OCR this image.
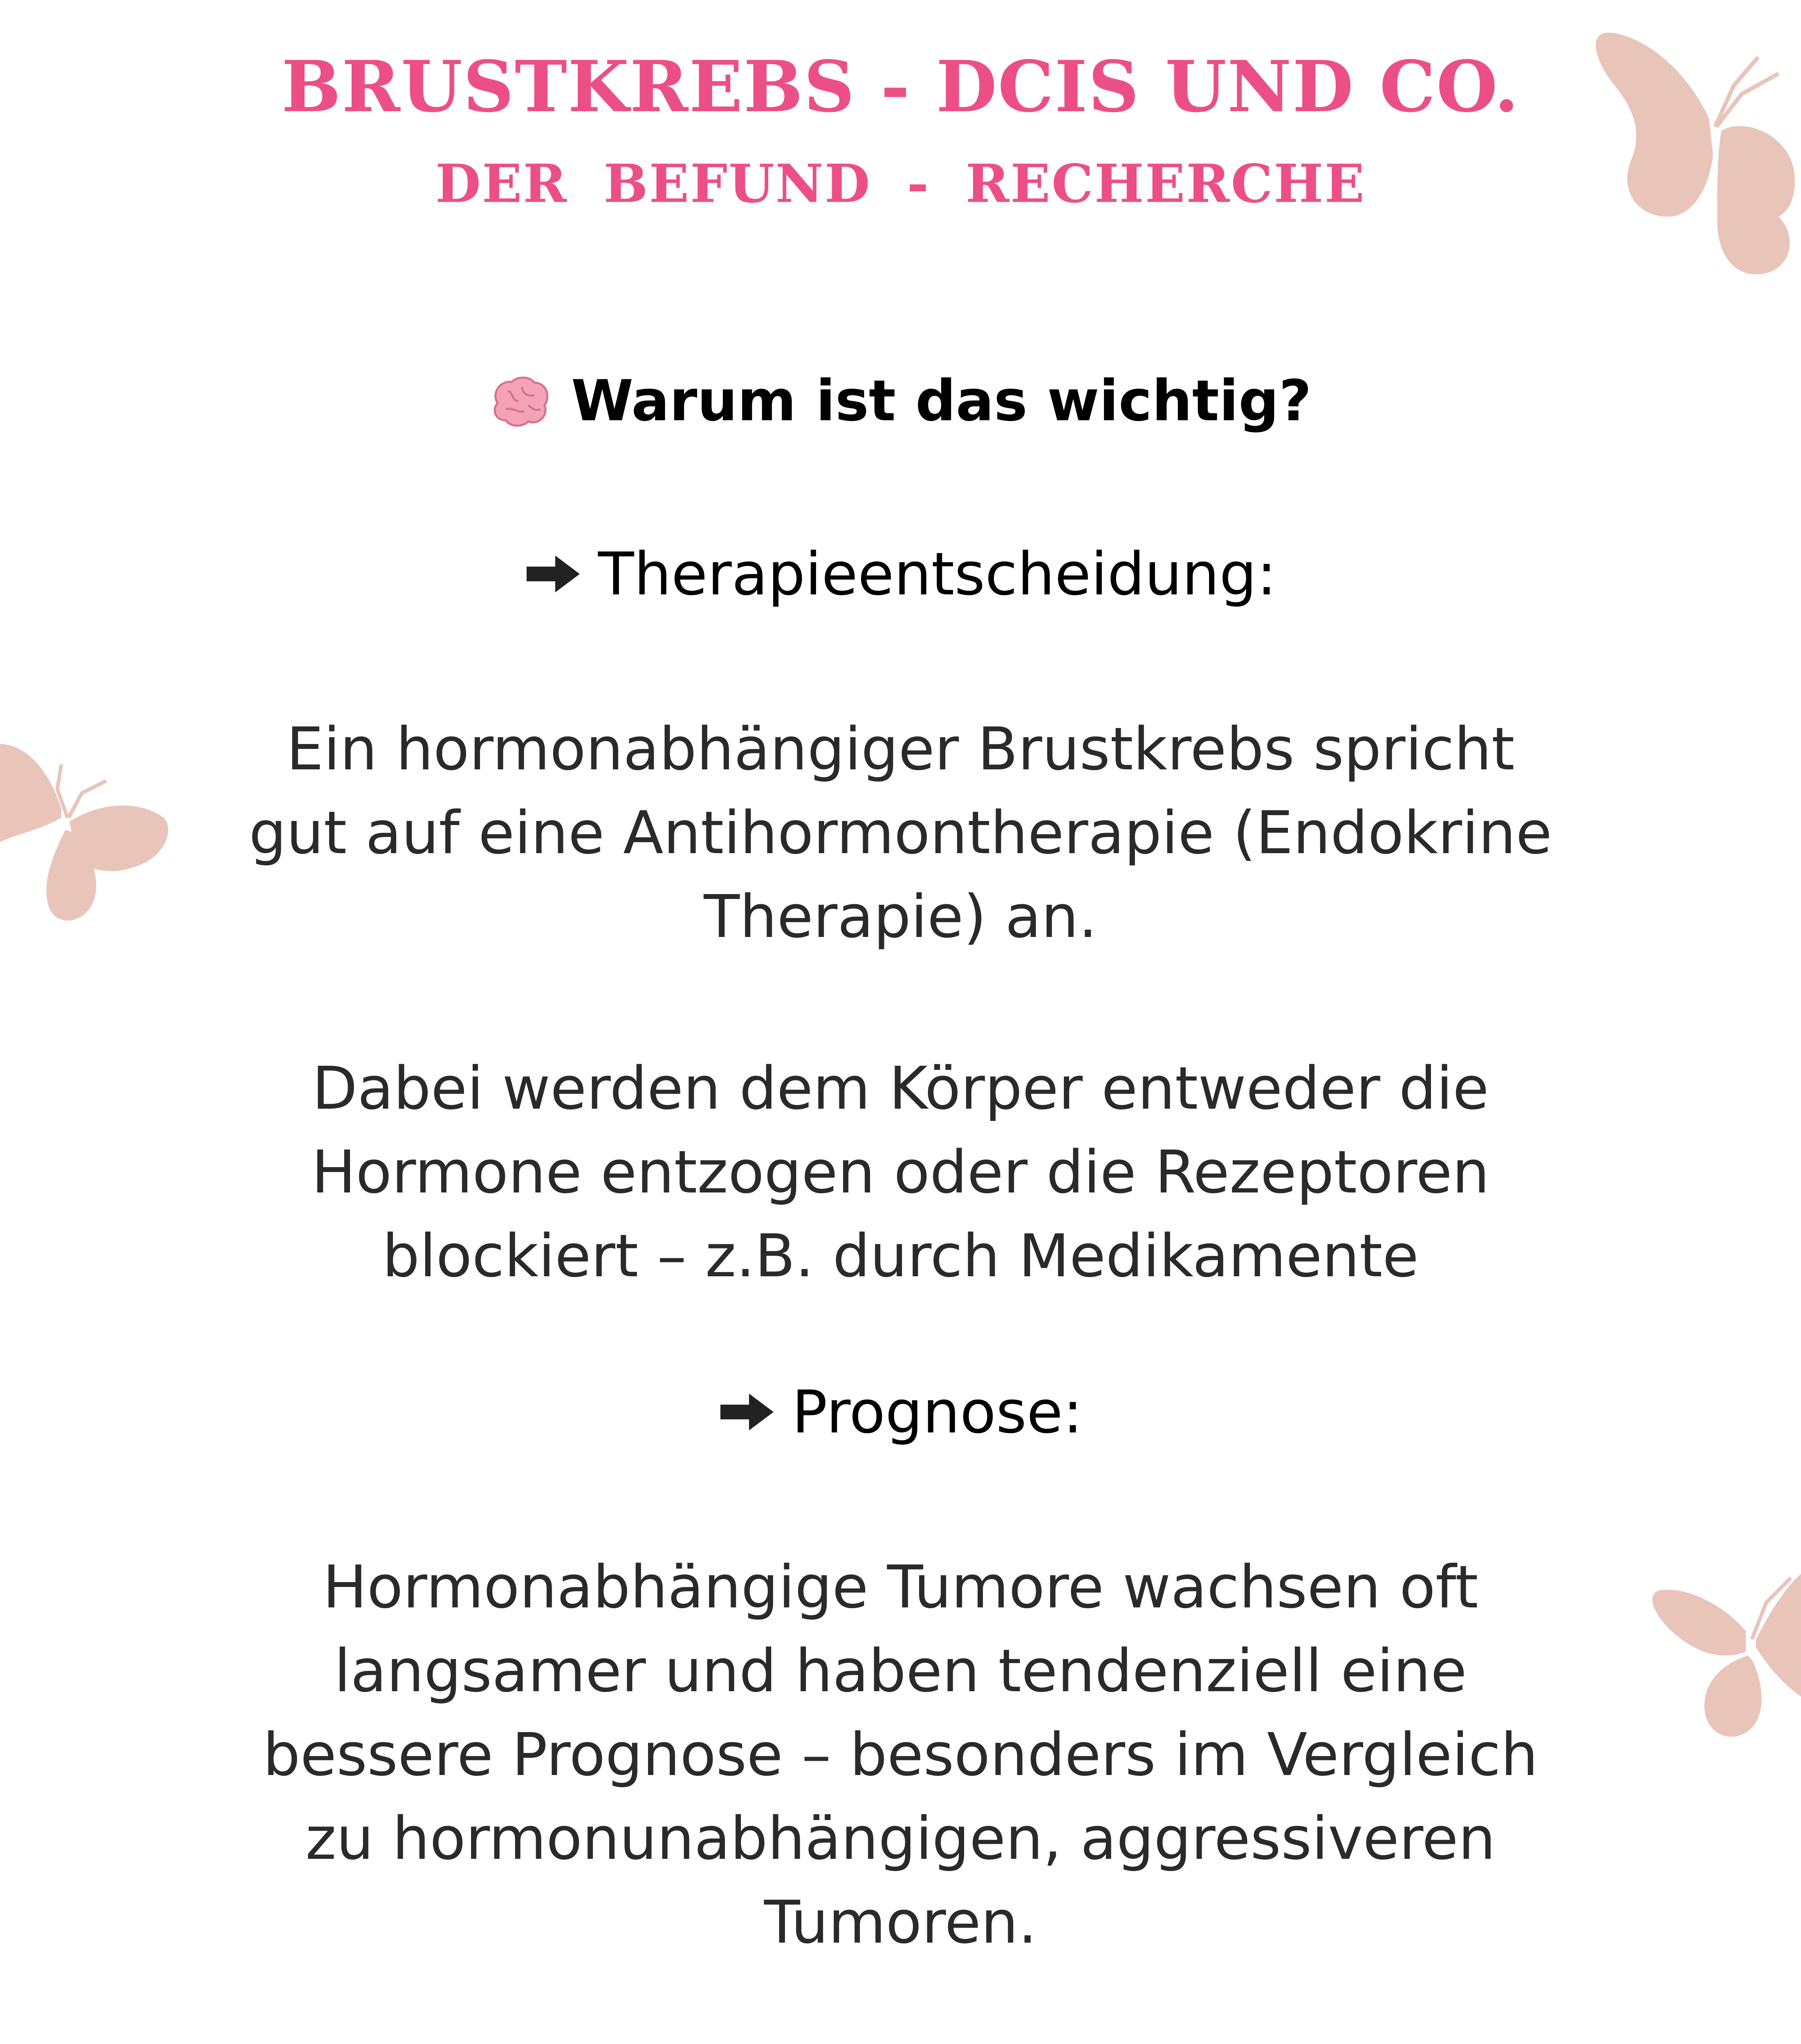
BRUSTKREBS - DCIS UND CO.
DER BEFUND - RECHERCHE
Warum ist das wichtig?
Therapieentscheidung:
Ein hormonabhängiger Brustkrebs spricht
gut auf eine Antihormontherapie (Endokrine
Therapie) an.
Dabei werden dem Körper entweder die
Hormone entzogen oder die Rezeptoren
blockiert – z.B. durch Medikamente
Prognose:
Hormonabhängige Tumore wachsen oft
langsamer und haben tendenziell eine
bessere Prognose – besonders im Vergleich
zu hormonunabhängigen, aggressiveren
Tumoren.
